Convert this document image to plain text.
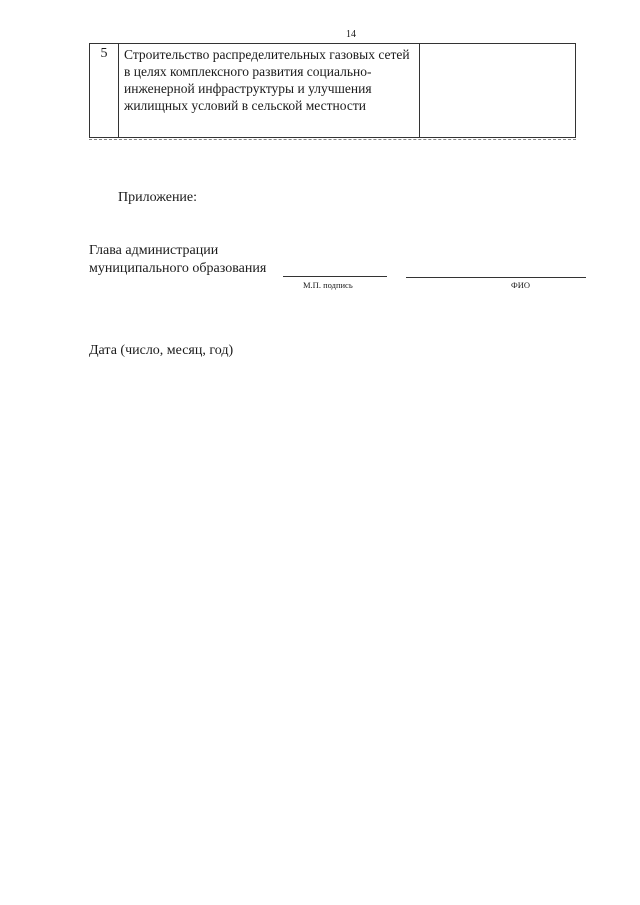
14
5	Строительство распределительных газовых сетей в целях комплексного развития социально-инженерной инфраструктуры и улучшения жилищных условий в сельской местности
Приложение:
Глава администрации
муниципального образования
М.П. подпись	ФИО
Дата (число, месяц, год)
